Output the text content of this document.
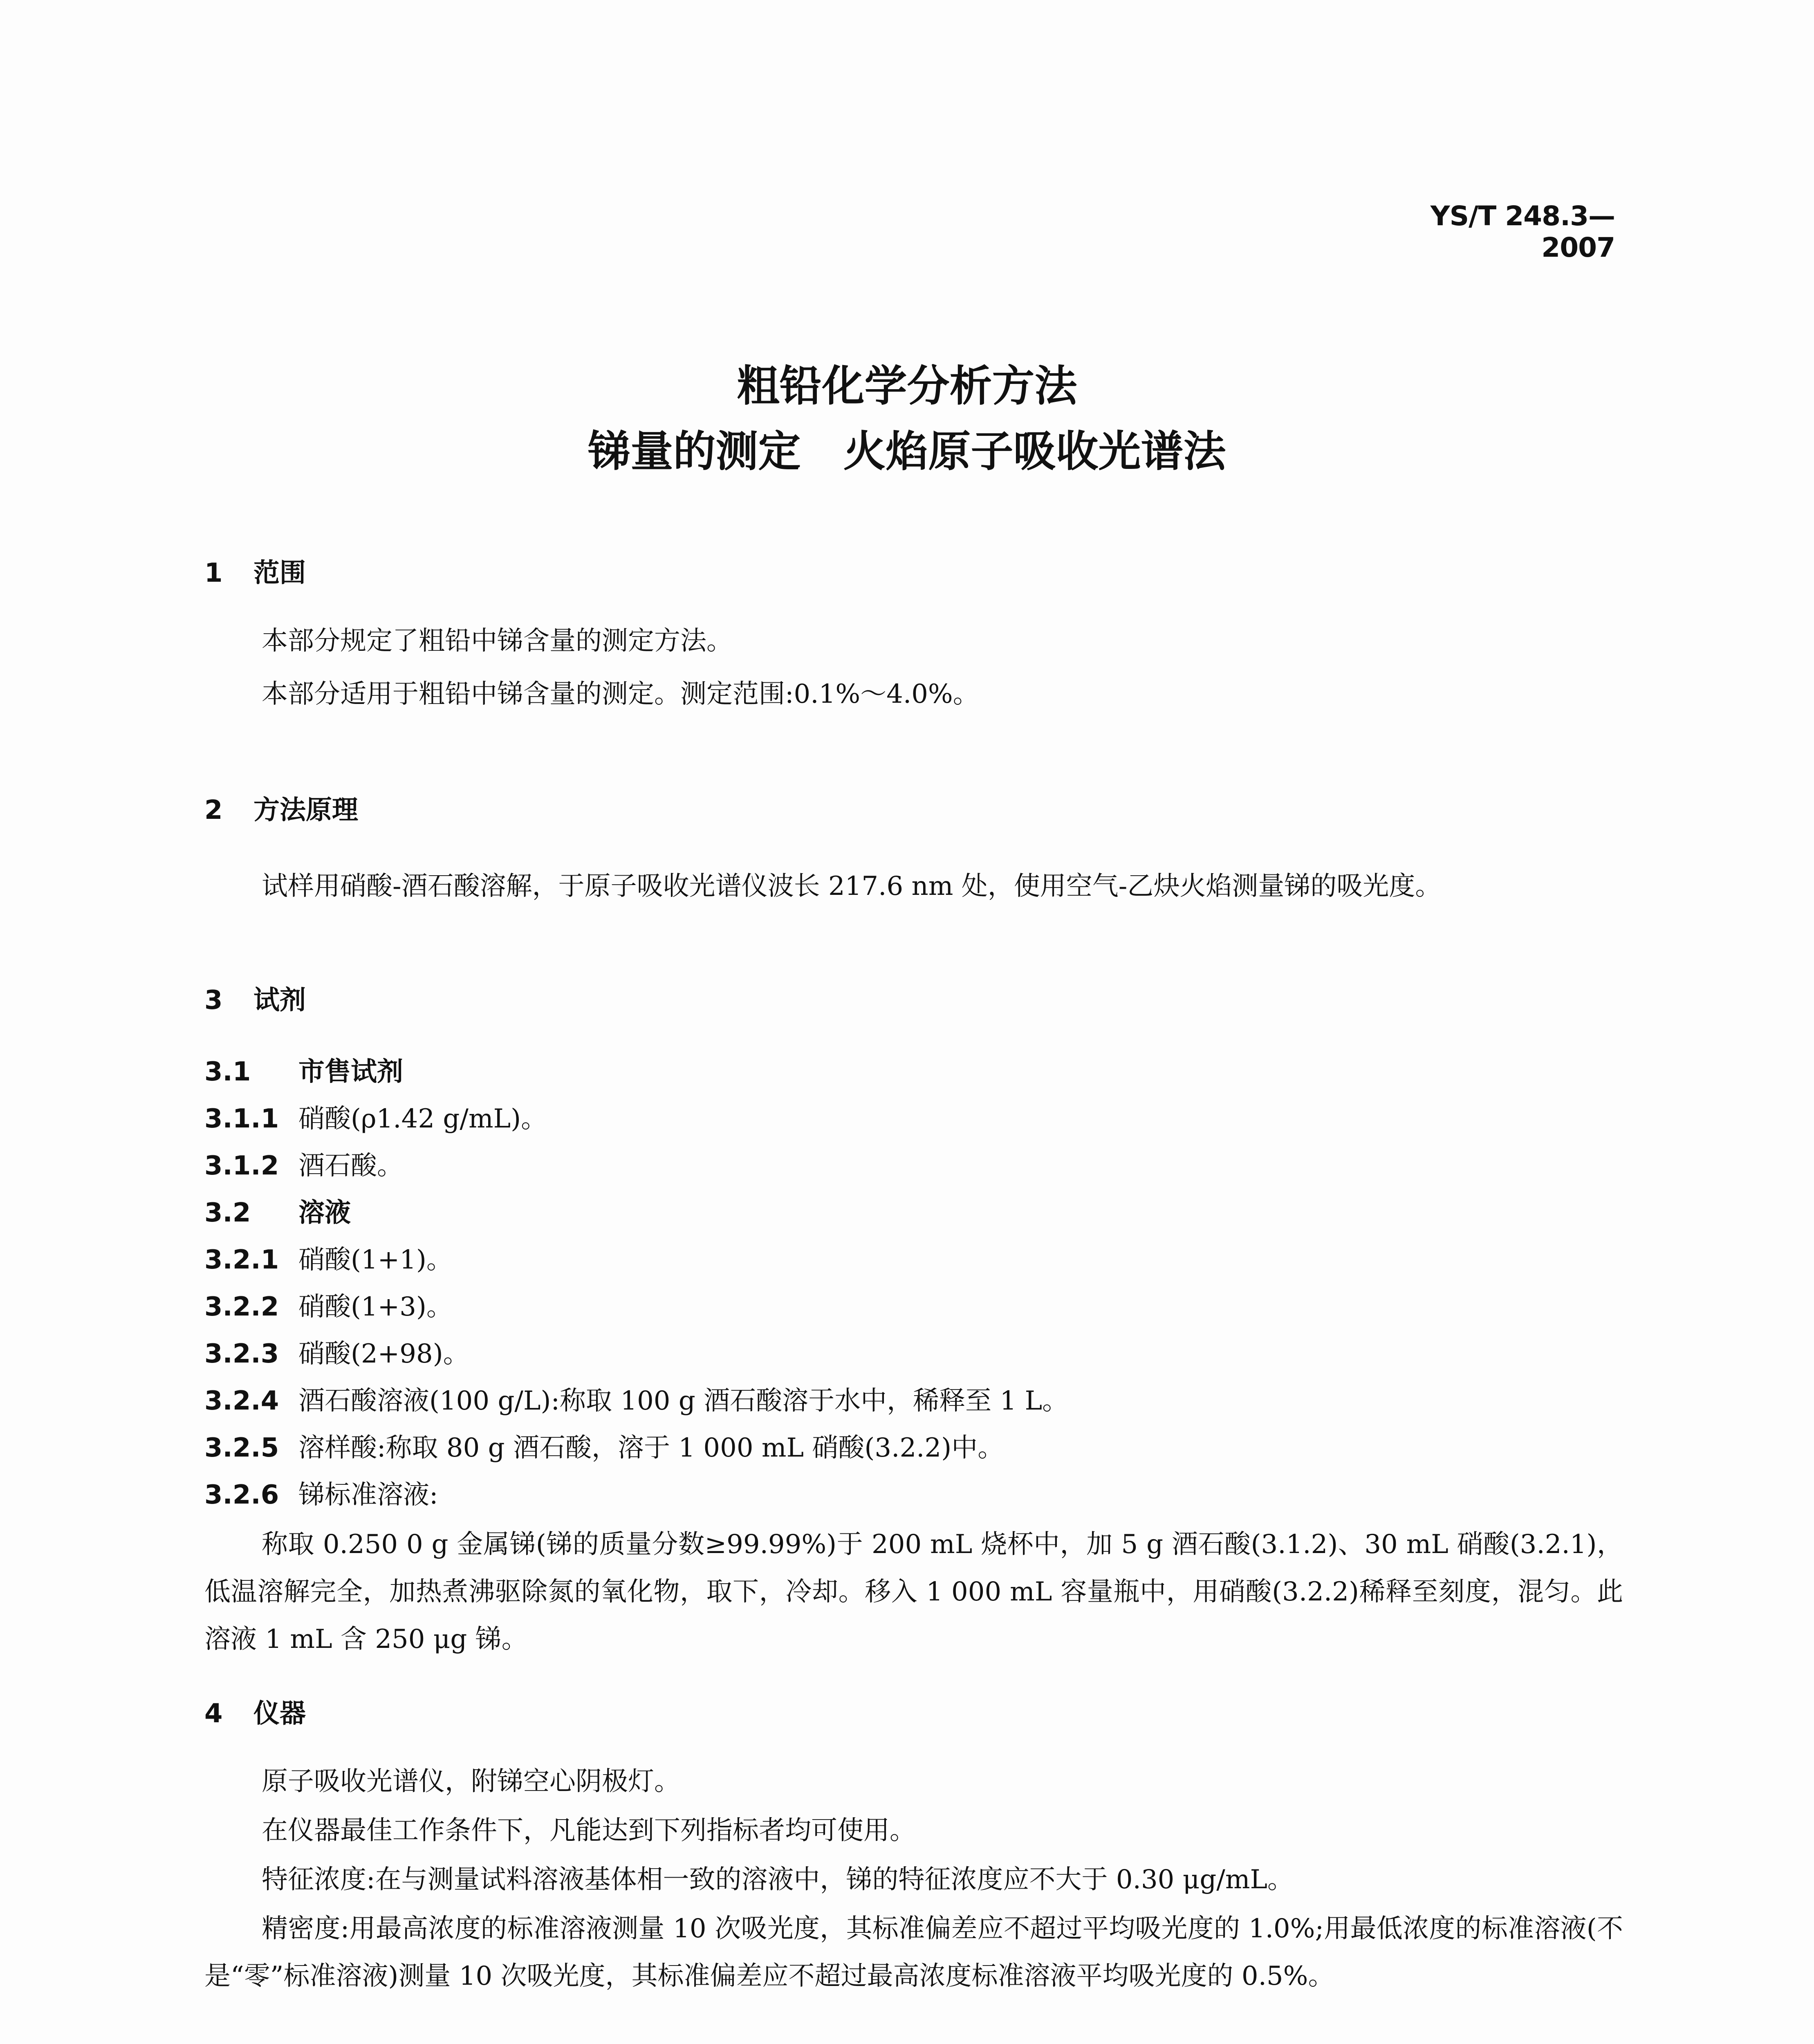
YS/T 248.3—2007
粗铅化学分析方法
锑量的测定　火焰原子吸收光谱法
1 范围
本部分规定了粗铅中锑含量的测定方法。
本部分适用于粗铅中锑含量的测定。测定范围:0.1%～4.0%。
2 方法原理
试样用硝酸-酒石酸溶解，于原子吸收光谱仪波长 217.6 nm 处，使用空气-乙炔火焰测量锑的吸光度。
3 试剂
3.1 市售试剂
3.1.1 硝酸(ρ1.42 g/mL)。
3.1.2 酒石酸。
3.2 溶液
3.2.1 硝酸(1+1)。
3.2.2 硝酸(1+3)。
3.2.3 硝酸(2+98)。
3.2.4 酒石酸溶液(100 g/L):称取 100 g 酒石酸溶于水中，稀释至 1 L。
3.2.5 溶样酸:称取 80 g 酒石酸，溶于 1 000 mL 硝酸(3.2.2)中。
3.2.6 锑标准溶液:
称取 0.250 0 g 金属锑(锑的质量分数≥99.99%)于 200 mL 烧杯中，加 5 g 酒石酸(3.1.2)、30 mL 硝酸(3.2.1)，低温溶解完全，加热煮沸驱除氮的氧化物，取下，冷却。移入 1 000 mL 容量瓶中，用硝酸(3.2.2)稀释至刻度，混匀。此溶液 1 mL 含 250 μg 锑。
4 仪器
原子吸收光谱仪，附锑空心阴极灯。
在仪器最佳工作条件下，凡能达到下列指标者均可使用。
特征浓度:在与测量试料溶液基体相一致的溶液中，锑的特征浓度应不大于 0.30 μg/mL。
精密度:用最高浓度的标准溶液测量 10 次吸光度，其标准偏差应不超过平均吸光度的 1.0%;用最低浓度的标准溶液(不是“零”标准溶液)测量 10 次吸光度，其标准偏差应不超过最高浓度标准溶液平均吸光度的 0.5%。
